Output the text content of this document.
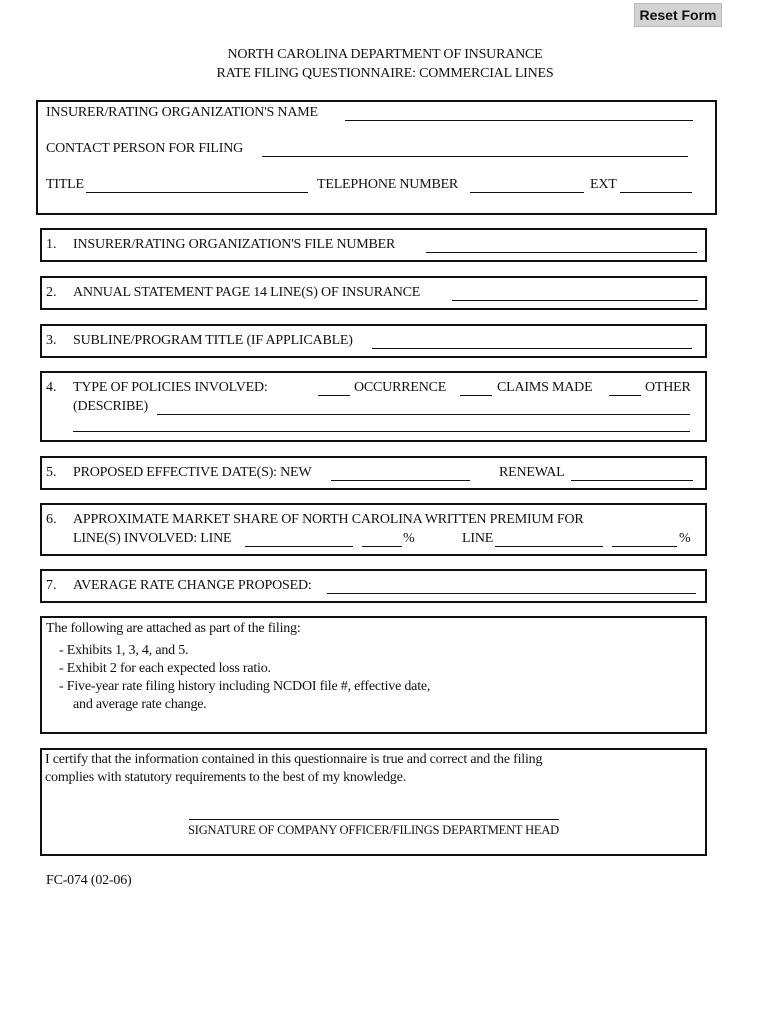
Reset Form
NORTH CAROLINA DEPARTMENT OF INSURANCE
RATE FILING QUESTIONNAIRE: COMMERCIAL LINES
INSURER/RATING ORGANIZATION'S NAME
CONTACT PERSON FOR FILING
TITLE	TELEPHONE NUMBER	EXT
1. INSURER/RATING ORGANIZATION'S FILE NUMBER
2. ANNUAL STATEMENT PAGE 14 LINE(S) OF INSURANCE
3. SUBLINE/PROGRAM TITLE (IF APPLICABLE)
4. TYPE OF POLICIES INVOLVED:	OCCURRENCE	CLAIMS MADE	OTHER
(DESCRIBE)
5. PROPOSED EFFECTIVE DATE(S): NEW	RENEWAL
6. APPROXIMATE MARKET SHARE OF NORTH CAROLINA WRITTEN PREMIUM FOR
LINE(S) INVOLVED: LINE	%	LINE	%
7. AVERAGE RATE CHANGE PROPOSED:
The following are attached as part of the filing:
- Exhibits 1, 3, 4, and 5.
- Exhibit 2 for each expected loss ratio.
- Five-year rate filing history including NCDOI file #, effective date,
and average rate change.
I certify that the information contained in this questionnaire is true and correct and the filing
complies with statutory requirements to the best of my knowledge.
SIGNATURE OF COMPANY OFFICER/FILINGS DEPARTMENT HEAD
FC-074 (02-06)
